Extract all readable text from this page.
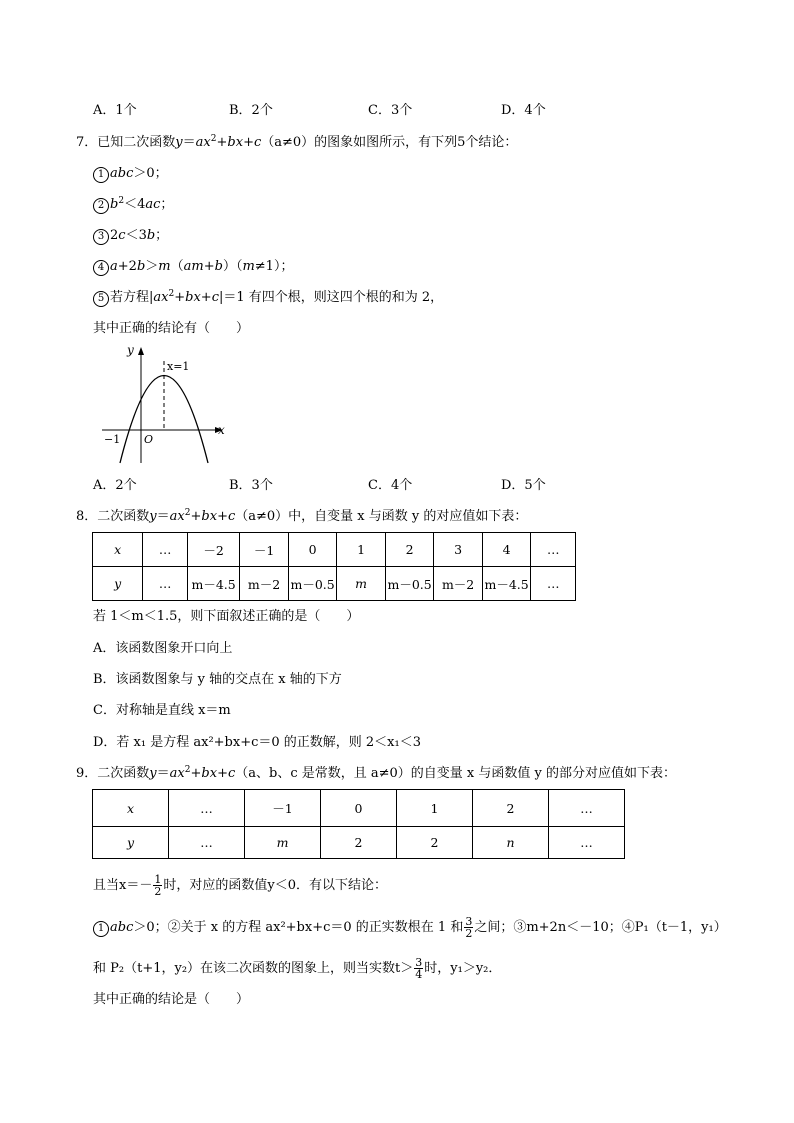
A．1个	B．2个	C．3个	D．4个
7．已知二次函数$y=ax^2+bx+c(a\ne 0)$的图象如图所示，有下列5个结论：
1 abc＞0；
2 $b^2<4ac$；
3 2c＜3b；
4 a+2b＞m（am+b）（m≠1）；
5 若方程$|ax^2+bx+c|=1$ 有四个根，则这四个根的和为 2，
其中正确的结论有（　　）
y
x
x=1
−1 O
A．2个	B．3个	C．4个	D．5个
8．二次函数$y=ax^2+bx+c(a\ne 0)$中，自变量 x 与函数 y 的对应值如下表：
x	…	－2	－1	0	1	2	3	4	…
y	…	m－4.5	m－2	m－0.5	m	m－0.5	m－2	m－4.5	…
若 1＜m＜1.5，则下面叙述正确的是（　　）
A．该函数图象开口向上
B．该函数图象与 y 轴的交点在 x 轴的下方
C．对称轴是直线 x＝m
D．若 x₁ 是方程 ax²+bx+c＝0 的正数解，则 2＜x₁＜3
9．二次函数$y=ax^2+bx+c(a$、b、c 是常数，且 a≠0）的自变量 x 与函数值 y 的部分对应值如下表：
x	…	－1	0	1	2	…
y	…	m	2	2	n	…
且当$x=- \frac{1}{2}$ 时，对应的函数值y＜0．有以下结论：
1 abc＞0；②关于 x 的方程 ax²+bx+c＝0 的正实数根在 1 和 $\frac{3}{2}$ 之间；③m+2n＜－10；④P₁（t－1，y₁）
和 P₂（t+1，y₂）在该二次函数的图象上，则当实数$t> \frac{3}{4}$ 时，y₁＞y₂．
其中正确的结论是（　　）
